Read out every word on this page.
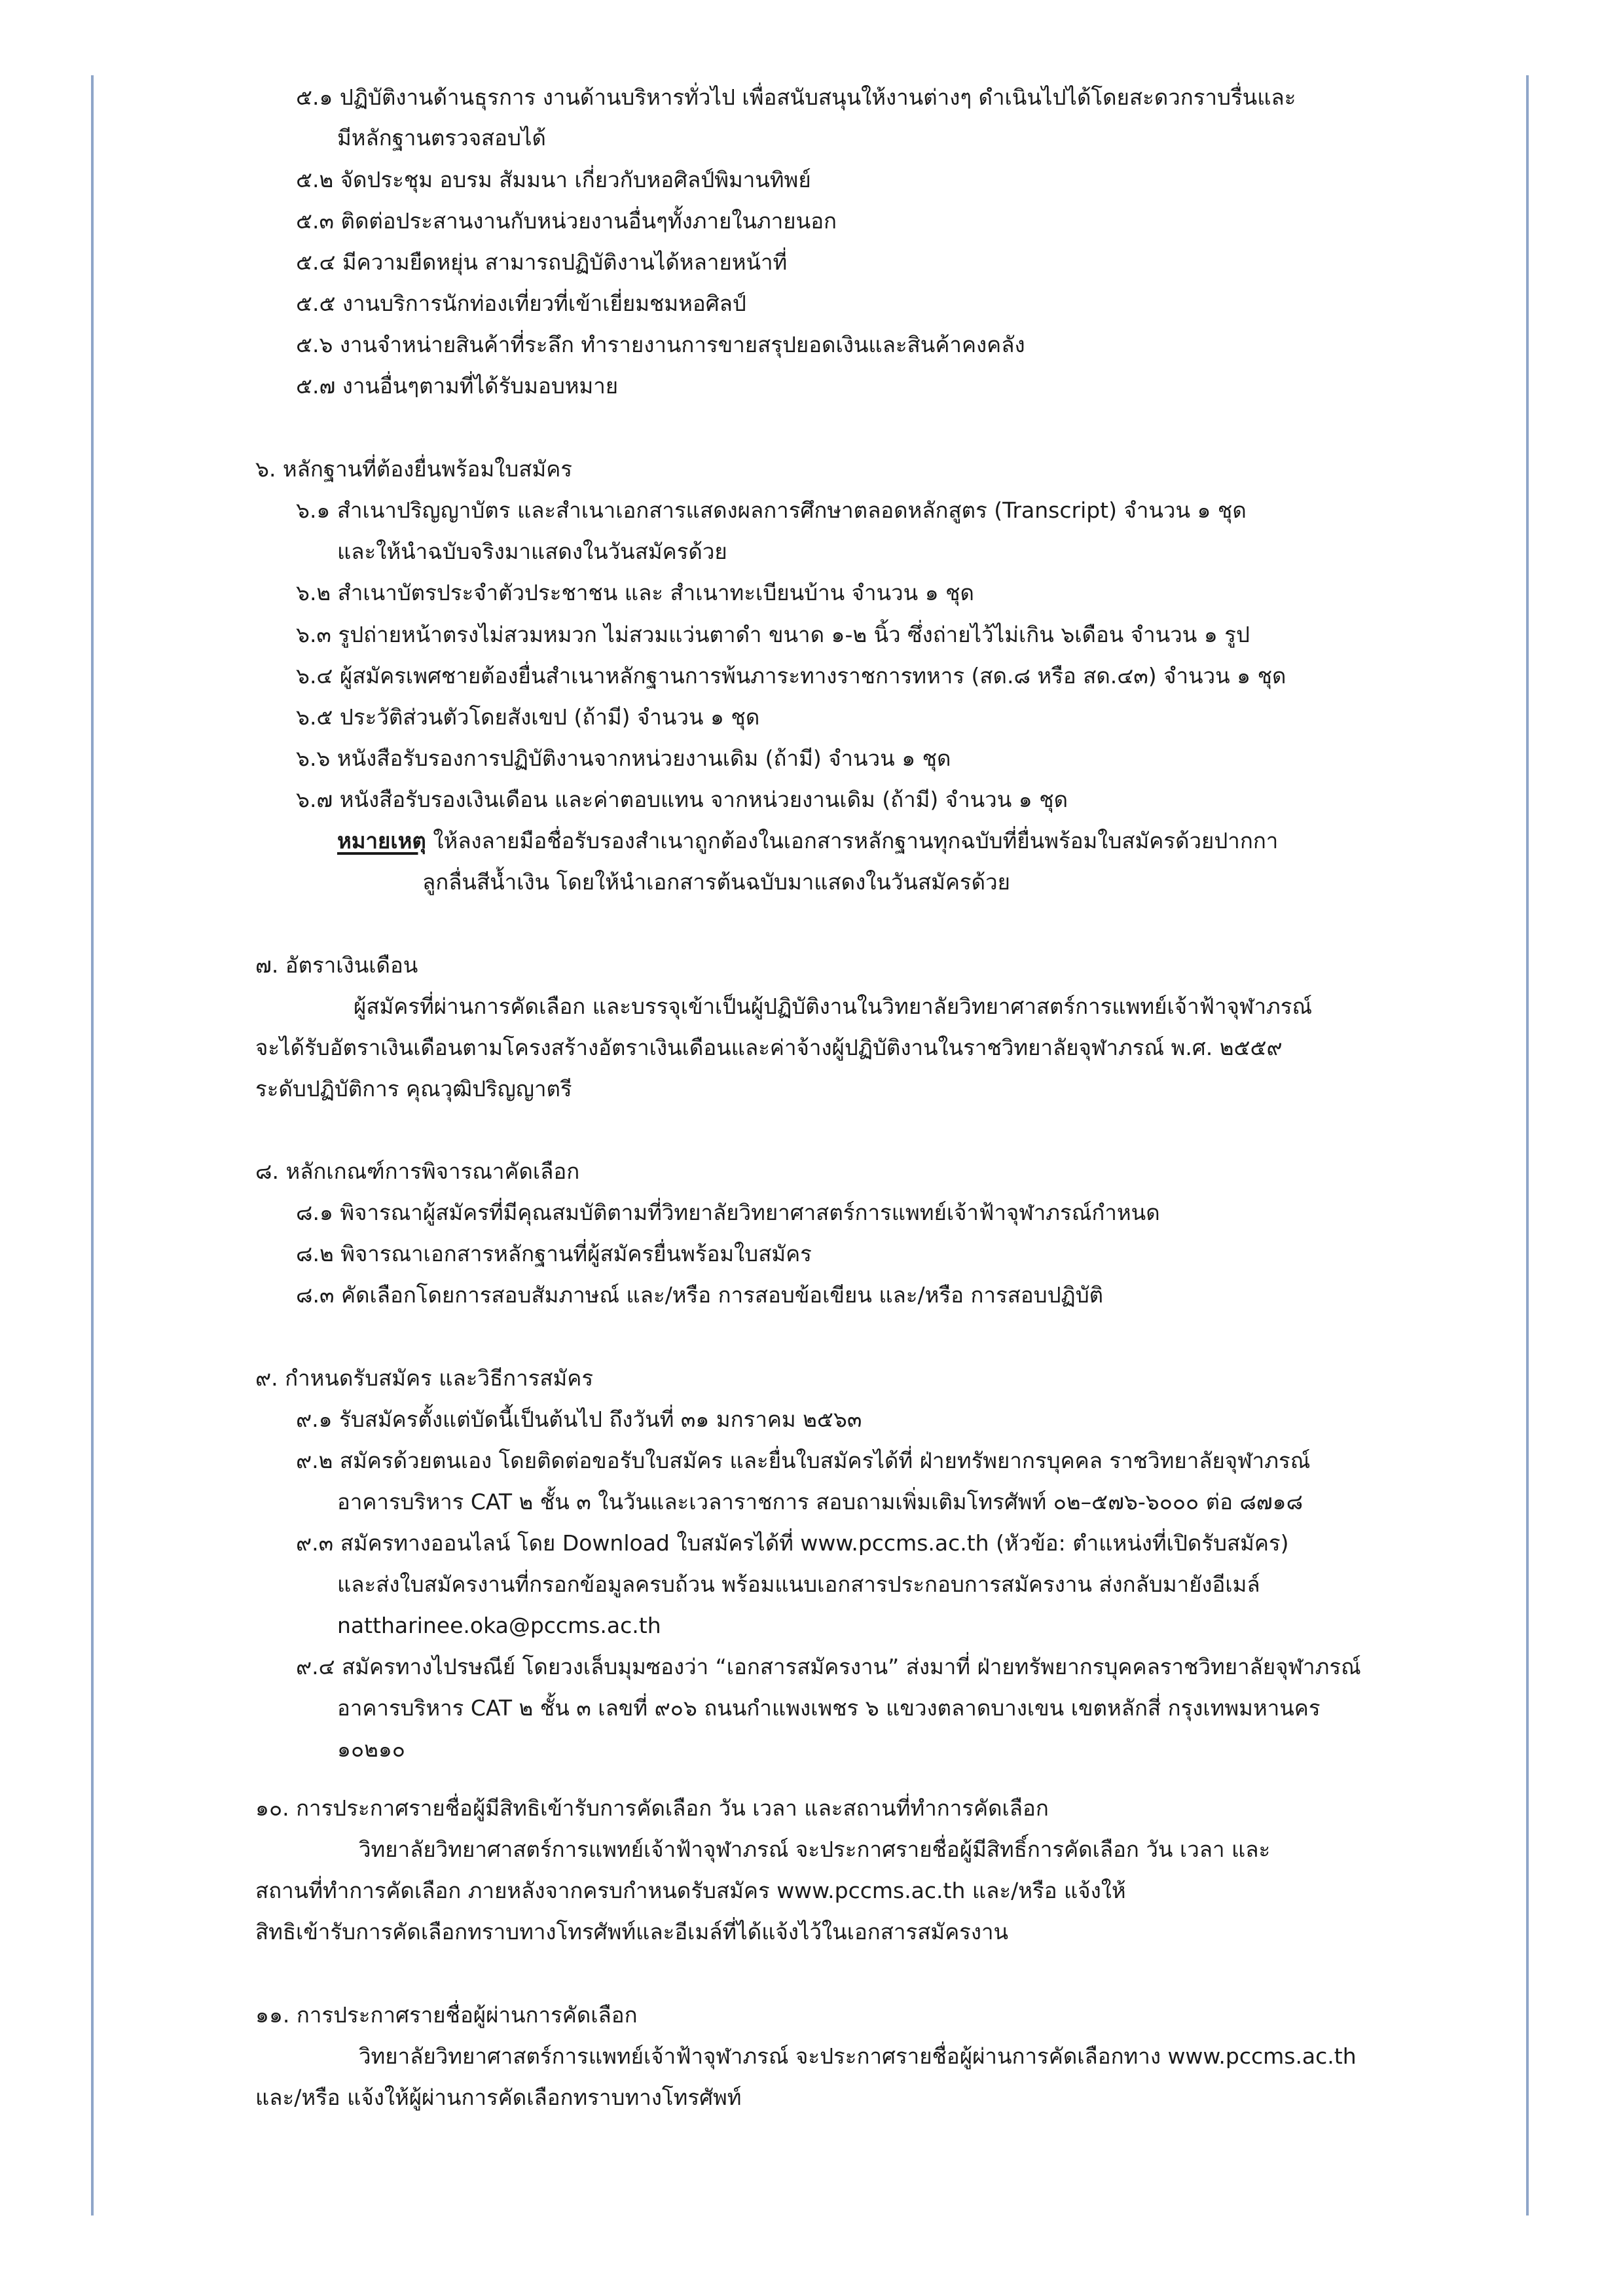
๕.๑ ปฏิบัติงานด้านธุรการ งานด้านบริหารทั่วไป เพื่อสนับสนุนให้งานต่างๆ ดำเนินไปได้โดยสะดวกราบรื่นและ
มีหลักฐานตรวจสอบได้
๕.๒ จัดประชุม อบรม สัมมนา เกี่ยวกับหอศิลป์พิมานทิพย์
๕.๓ ติดต่อประสานงานกับหน่วยงานอื่นๆทั้งภายในภายนอก
๕.๔ มีความยืดหยุ่น สามารถปฏิบัติงานได้หลายหน้าที่
๕.๕ งานบริการนักท่องเที่ยวที่เข้าเยี่ยมชมหอศิลป์
๕.๖ งานจำหน่ายสินค้าที่ระลึก ทำรายงานการขายสรุปยอดเงินและสินค้าคงคลัง
๕.๗ งานอื่นๆตามที่ได้รับมอบหมาย
๖. หลักฐานที่ต้องยื่นพร้อมใบสมัคร
๖.๑ สำเนาปริญญาบัตร และสำเนาเอกสารแสดงผลการศึกษาตลอดหลักสูตร (Transcript) จำนวน ๑ ชุด
และให้นำฉบับจริงมาแสดงในวันสมัครด้วย
๖.๒ สำเนาบัตรประจำตัวประชาชน และ สำเนาทะเบียนบ้าน จำนวน ๑ ชุด
๖.๓ รูปถ่ายหน้าตรงไม่สวมหมวก ไม่สวมแว่นตาดำ ขนาด ๑-๒ นิ้ว ซึ่งถ่ายไว้ไม่เกิน ๖เดือน จำนวน ๑ รูป
๖.๔ ผู้สมัครเพศชายต้องยื่นสำเนาหลักฐานการพ้นภาระทางราชการทหาร (สด.๘ หรือ สด.๔๓) จำนวน ๑ ชุด
๖.๕ ประวัติส่วนตัวโดยสังเขป (ถ้ามี) จำนวน ๑ ชุด
๖.๖ หนังสือรับรองการปฏิบัติงานจากหน่วยงานเดิม (ถ้ามี) จำนวน ๑ ชุด
๖.๗ หนังสือรับรองเงินเดือน และค่าตอบแทน จากหน่วยงานเดิม (ถ้ามี) จำนวน ๑ ชุด
หมายเหตุ ให้ลงลายมือชื่อรับรองสำเนาถูกต้องในเอกสารหลักฐานทุกฉบับที่ยื่นพร้อมใบสมัครด้วยปากกา
ลูกลื่นสีน้ำเงิน โดยให้นำเอกสารต้นฉบับมาแสดงในวันสมัครด้วย
๗. อัตราเงินเดือน
ผู้สมัครที่ผ่านการคัดเลือก และบรรจุเข้าเป็นผู้ปฏิบัติงานในวิทยาลัยวิทยาศาสตร์การแพทย์เจ้าฟ้าจุฬาภรณ์
จะได้รับอัตราเงินเดือนตามโครงสร้างอัตราเงินเดือนและค่าจ้างผู้ปฏิบัติงานในราชวิทยาลัยจุฬาภรณ์ พ.ศ. ๒๕๕๙
ระดับปฏิบัติการ คุณวุฒิปริญญาตรี
๘. หลักเกณฑ์การพิจารณาคัดเลือก
๘.๑ พิจารณาผู้สมัครที่มีคุณสมบัติตามที่วิทยาลัยวิทยาศาสตร์การแพทย์เจ้าฟ้าจุฬาภรณ์กำหนด
๘.๒ พิจารณาเอกสารหลักฐานที่ผู้สมัครยื่นพร้อมใบสมัคร
๘.๓ คัดเลือกโดยการสอบสัมภาษณ์ และ/หรือ การสอบข้อเขียน และ/หรือ การสอบปฏิบัติ
๙. กำหนดรับสมัคร และวิธีการสมัคร
๙.๑ รับสมัครตั้งแต่บัดนี้เป็นต้นไป ถึงวันที่ ๓๑ มกราคม ๒๕๖๓
๙.๒ สมัครด้วยตนเอง โดยติดต่อขอรับใบสมัคร และยื่นใบสมัครได้ที่ ฝ่ายทรัพยากรบุคคล ราชวิทยาลัยจุฬาภรณ์
อาคารบริหาร CAT ๒ ชั้น ๓ ในวันและเวลาราชการ สอบถามเพิ่มเติมโทรศัพท์ ๐๒–๕๗๖-๖๐๐๐ ต่อ ๘๗๑๘
๙.๓ สมัครทางออนไลน์ โดย Download ใบสมัครได้ที่ www.pccms.ac.th (หัวข้อ: ตำแหน่งที่เปิดรับสมัคร)
และส่งใบสมัครงานที่กรอกข้อมูลครบถ้วน พร้อมแนบเอกสารประกอบการสมัครงาน ส่งกลับมายังอีเมล์
nattharinee.oka@pccms.ac.th
๙.๔ สมัครทางไปรษณีย์ โดยวงเล็บมุมซองว่า “เอกสารสมัครงาน” ส่งมาที่ ฝ่ายทรัพยากรบุคคลราชวิทยาลัยจุฬาภรณ์
อาคารบริหาร CAT ๒ ชั้น ๓ เลขที่ ๙๐๖ ถนนกำแพงเพชร ๖ แขวงตลาดบางเขน เขตหลักสี่ กรุงเทพมหานคร
๑๐๒๑๐
๑๐. การประกาศรายชื่อผู้มีสิทธิเข้ารับการคัดเลือก วัน เวลา และสถานที่ทำการคัดเลือก
วิทยาลัยวิทยาศาสตร์การแพทย์เจ้าฟ้าจุฬาภรณ์ จะประกาศรายชื่อผู้มีสิทธิ์การคัดเลือก วัน เวลา และ
สถานที่ทำการคัดเลือก ภายหลังจากครบกำหนดรับสมัคร www.pccms.ac.th และ/หรือ แจ้งให้
สิทธิเข้ารับการคัดเลือกทราบทางโทรศัพท์และอีเมล์ที่ได้แจ้งไว้ในเอกสารสมัครงาน
๑๑. การประกาศรายชื่อผู้ผ่านการคัดเลือก
วิทยาลัยวิทยาศาสตร์การแพทย์เจ้าฟ้าจุฬาภรณ์ จะประกาศรายชื่อผู้ผ่านการคัดเลือกทาง www.pccms.ac.th
และ/หรือ แจ้งให้ผู้ผ่านการคัดเลือกทราบทางโทรศัพท์
